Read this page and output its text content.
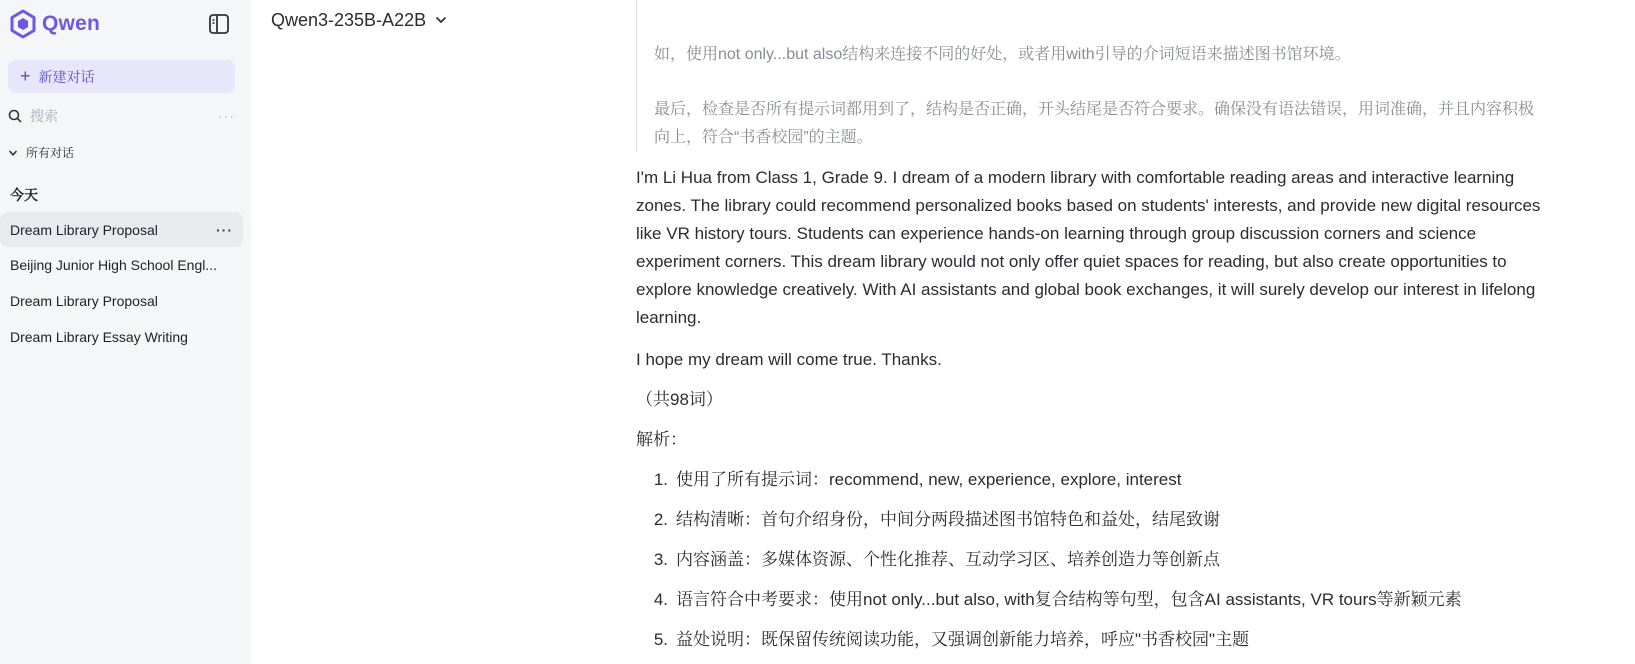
Qwen
+ 新建对话
搜索	···
所有对话
今天
Dream Library Proposal	···
Beijing Junior High School Engl...
Dream Library Proposal
Dream Library Essay Writing
Qwen3-235B-A22B
如，使用not only...but also结构来连接不同的好处，或者用with引导的介词短语来描述图书馆环境。
最后，检查是否所有提示词都用到了，结构是否正确，开头结尾是否符合要求。确保没有语法错误，用词准确，并且内容积极向上，符合“书香校园”的主题。

I'm Li Hua from Class 1, Grade 9. I dream of a modern library with comfortable reading areas and interactive learning zones. The library could recommend personalized books based on students' interests, and provide new digital resources like VR history tours. Students can experience hands-on learning through group discussion corners and science experiment corners. This dream library would not only offer quiet spaces for reading, but also create opportunities to explore knowledge creatively. With AI assistants and global book exchanges, it will surely develop our interest in lifelong learning.

I hope my dream will come true. Thanks.

（共98词）

解析：

1. 使用了所有提示词：recommend, new, experience, explore, interest
2. 结构清晰：首句介绍身份，中间分两段描述图书馆特色和益处，结尾致谢
3. 内容涵盖：多媒体资源、个性化推荐、互动学习区、培养创造力等创新点
4. 语言符合中考要求：使用not only...but also, with复合结构等句型，包含AI assistants, VR tours等新颖元素
5. 益处说明：既保留传统阅读功能，又强调创新能力培养，呼应"书香校园"主题
